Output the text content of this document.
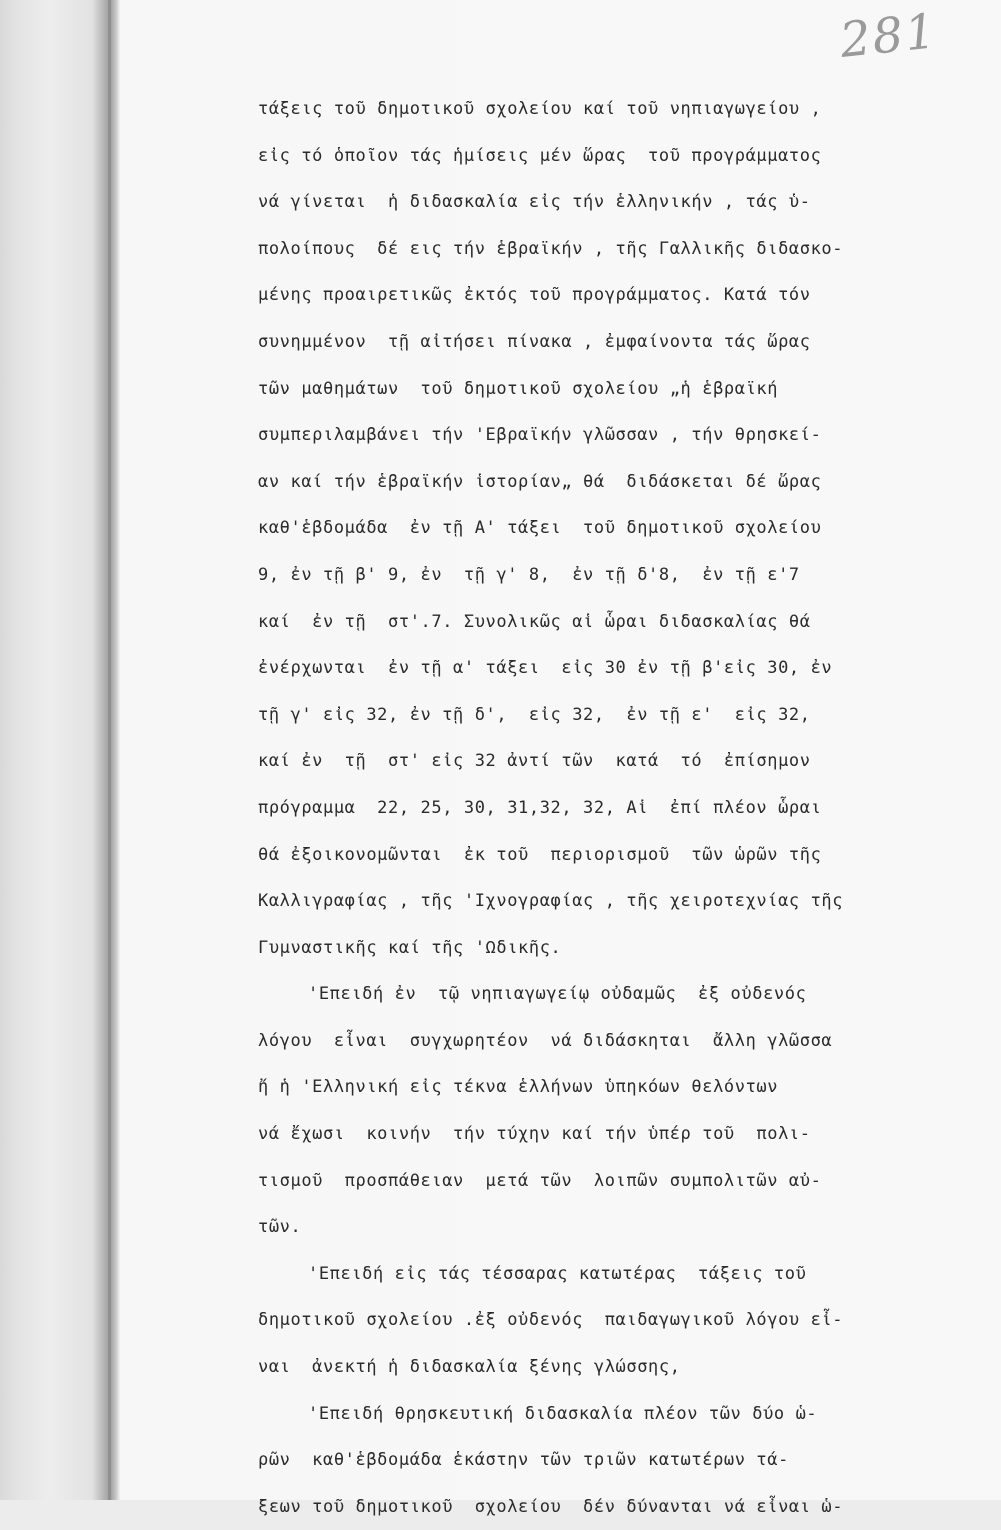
281
τάξεις τοῦ δημοτικοῦ σχολείου καί τοῦ νηπιαγωγείου ,
εἰς τό ὁποῖον τάς ἡμίσεις μέν ὥρας  τοῦ προγράμματος
νά γίνεται  ἡ διδασκαλία εἰς τήν ἑλληνικήν , τάς ὑ-
πολοίπους  δέ εις τήν ἑβραϊκήν , τῆς Γαλλικῆς διδασκο-
μένης προαιρετικῶς ἐκτός τοῦ προγράμματος. Κατά τόν
συνημμένον  τῇ αἰτήσει πίνακα , ἐμφαίνοντα τάς ὥρας
τῶν μαθημάτων  τοῦ δημοτικοῦ σχολείου „ἡ ἑβραϊκή
συμπεριλαμβάνει τήν 'Εβραϊκήν γλῶσσαν , τήν θρησκεί-
αν καί τήν ἑβραϊκήν ἱστορίαν„ θά  διδάσκεται δέ ὥρας
καθ'ἑβδομάδα  ἐν τῇ Α' τάξει  τοῦ δημοτικοῦ σχολείου
9, ἐν τῇ β' 9, ἐν  τῇ γ' 8,  ἐν τῇ δ'8,  ἐν τῇ ε'7
καί  ἐν τῇ  στ'.7. Συνολικῶς αἱ ὧραι διδασκαλίας θά
ἐνέρχωνται  ἐν τῇ α' τάξει  εἰς 30 ἐν τῇ β'εἰς 30, ἐν
τῇ γ' εἰς 32, ἐν τῇ δ',  εἰς 32,  ἐν τῇ ε'  εἰς 32,
καί ἐν  τῇ  στ' εἰς 32 ἀντί τῶν  κατά  τό  ἐπίσημον
πρόγραμμα  22, 25, 30, 31,32, 32, Αἱ  ἐπί πλέον ὧραι
θά ἐξοικονομῶνται  ἐκ τοῦ  περιορισμοῦ  τῶν ὡρῶν τῆς
Καλλιγραφίας , τῆς 'Ιχνογραφίας , τῆς χειροτεχνίας τῆς
Γυμναστικῆς καί τῆς 'Ωδικῆς.
'Επειδή ἐν  τῷ νηπιαγωγείῳ οὐδαμῶς  ἐξ οὐδενός
λόγου  εἶναι  συγχωρητέον  νά διδάσκηται  ἄλλη γλῶσσα
ἤ ἡ 'Ελληνική εἰς τέκνα ἑλλήνων ὑπηκόων θελόντων
νά ἔχωσι  κοινήν  τήν τύχην καί τήν ὑπέρ τοῦ  πολι-
τισμοῦ  προσπάθειαν  μετά τῶν  λοιπῶν συμπολιτῶν αὐ-
τῶν.
'Επειδή εἰς τάς τέσσαρας κατωτέρας  τάξεις τοῦ
δημοτικοῦ σχολείου .ἐξ οὐδενός  παιδαγωγικοῦ λόγου εἶ-
ναι  ἀνεκτή ἡ διδασκαλία ξένης γλώσσης,
'Επειδή θρησκευτική διδασκαλία πλέον τῶν δύο ὡ-
ρῶν  καθ'ἑβδομάδα ἑκάστην τῶν τριῶν κατωτέρων τά-
ξεων τοῦ δημοτικοῦ  σχολείου  δέν δύνανται νά εἶναι ὡ-
